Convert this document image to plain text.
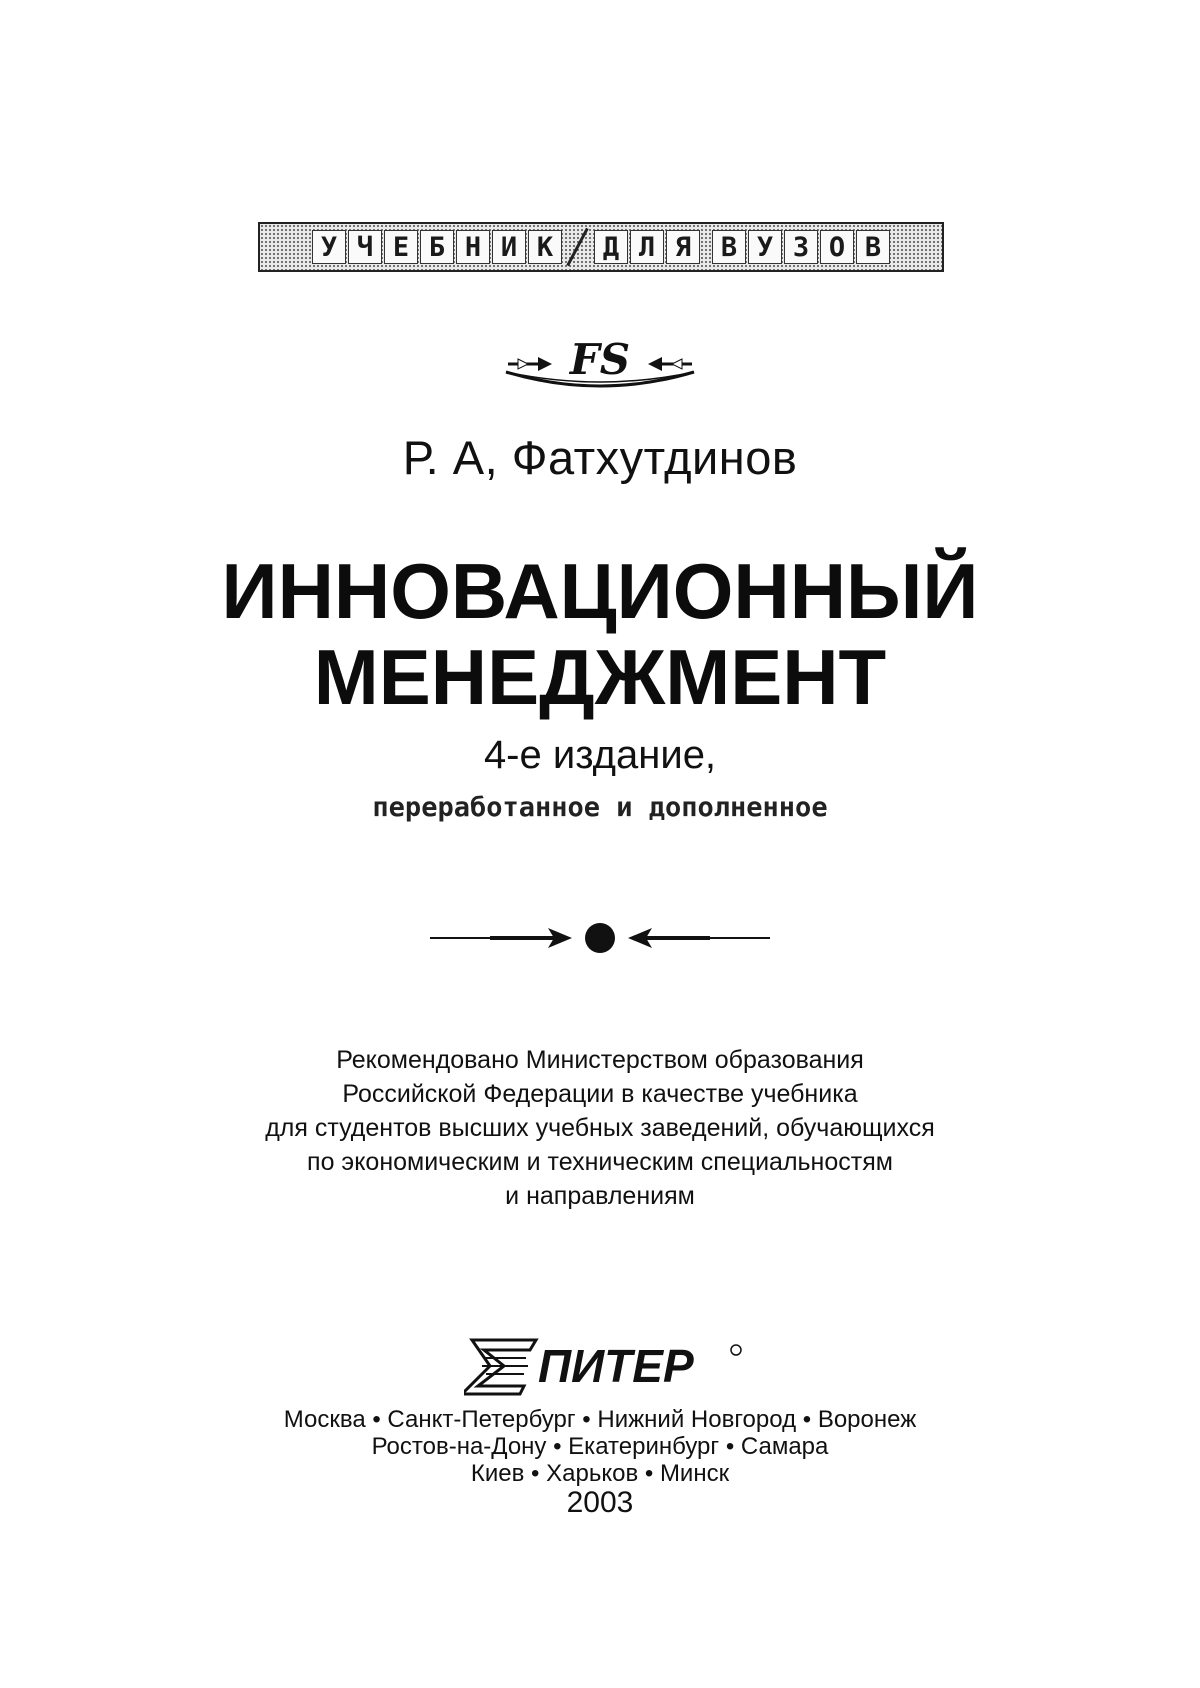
У Ч Е Б Н И К	Д Л Я	В У З О В
FS
Р. А, Фатхутдинов
ИННОВАЦИОННЫЙ
МЕНЕДЖМЕНТ
4-е издание,
переработанное и дополненное
Рекомендовано Министерством образования
Российской Федерации в качестве учебника
для студентов высших учебных заведений, обучающихся
по экономическим и техническим специальностям
и направлениям
ПИТЕР
Москва • Санкт-Петербург • Нижний Новгород • Воронеж
Ростов-на-Дону • Екатеринбург • Самара
Киев • Харьков • Минск
2003
